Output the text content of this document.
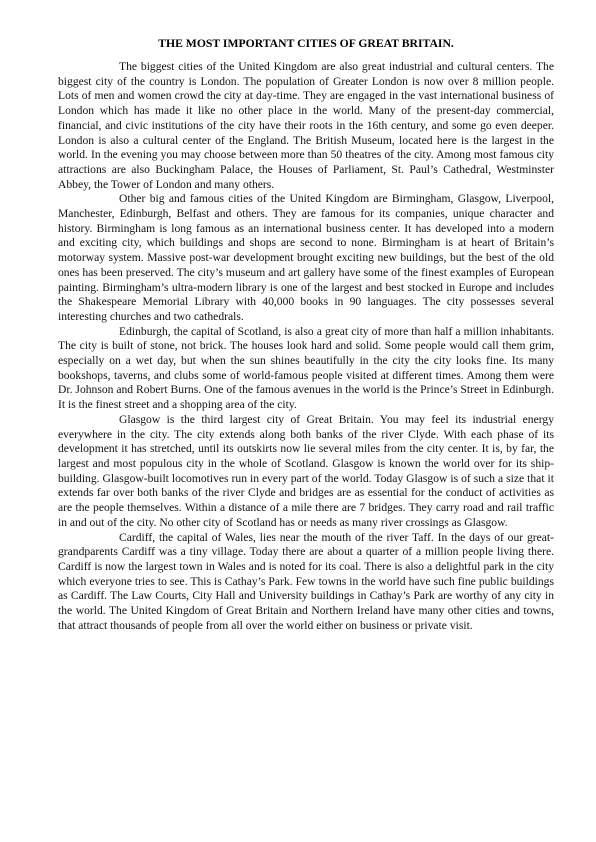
THE MOST IMPORTANT CITIES OF GREAT BRITAIN.

The biggest cities of the United Kingdom are also great industrial and cultural centers. The biggest city of the country is London. The population of Greater London is now over 8 million people. Lots of men and women crowd the city at day-time. They are engaged in the vast international business of London which has made it like no other place in the world. Many of the present-day commercial, financial, and civic institutions of the city have their roots in the 16th century, and some go even deeper. London is also a cultural center of the England. The British Museum, located here is the largest in the world. In the evening you may choose between more than 50 theatres of the city. Among most famous city attractions are also Buckingham Palace, the Houses of Parliament, St. Paul’s Cathedral, Westminster Abbey, the Tower of London and many others.

Other big and famous cities of the United Kingdom are Birmingham, Glasgow, Liverpool, Manchester, Edinburgh, Belfast and others. They are famous for its companies, unique character and history. Birmingham is long famous as an international business center. It has developed into a modern and exciting city, which buildings and shops are second to none. Birmingham is at heart of Britain’s motorway system. Massive post-war development brought exciting new buildings, but the best of the old ones has been preserved. The city’s museum and art gallery have some of the finest examples of European painting. Birmingham’s ultra-modern library is one of the largest and best stocked in Europe and includes the Shakespeare Memorial Library with 40,000 books in 90 languages. The city possesses several interesting churches and two cathedrals.

Edinburgh, the capital of Scotland, is also a great city of more than half a million inhabitants. The city is built of stone, not brick. The houses look hard and solid. Some people would call them grim, especially on a wet day, but when the sun shines beautifully in the city the city looks fine. Its many bookshops, taverns, and clubs some of world-famous people visited at different times. Among them were Dr. Johnson and Robert Burns. One of the famous avenues in the world is the Prince’s Street in Edinburgh. It is the finest street and a shopping area of the city.

Glasgow is the third largest city of Great Britain. You may feel its industrial energy everywhere in the city. The city extends along both banks of the river Clyde. With each phase of its development it has stretched, until its outskirts now lie several miles from the city center. It is, by far, the largest and most populous city in the whole of Scotland. Glasgow is known the world over for its ship-building. Glasgow-built locomotives run in every part of the world. Today Glasgow is of such a size that it extends far over both banks of the river Clyde and bridges are as essential for the conduct of activities as are the people themselves. Within a distance of a mile there are 7 bridges. They carry road and rail traffic in and out of the city. No other city of Scotland has or needs as many river crossings as Glasgow.

Cardiff, the capital of Wales, lies near the mouth of the river Taff. In the days of our great-grandparents Cardiff was a tiny village. Today there are about a quarter of a million people living there. Cardiff is now the largest town in Wales and is noted for its coal. There is also a delightful park in the city which everyone tries to see. This is Cathay’s Park. Few towns in the world have such fine public buildings as Cardiff. The Law Courts, City Hall and University buildings in Cathay’s Park are worthy of any city in the world. The United Kingdom of Great Britain and Northern Ireland have many other cities and towns, that attract thousands of people from all over the world either on business or private visit.
